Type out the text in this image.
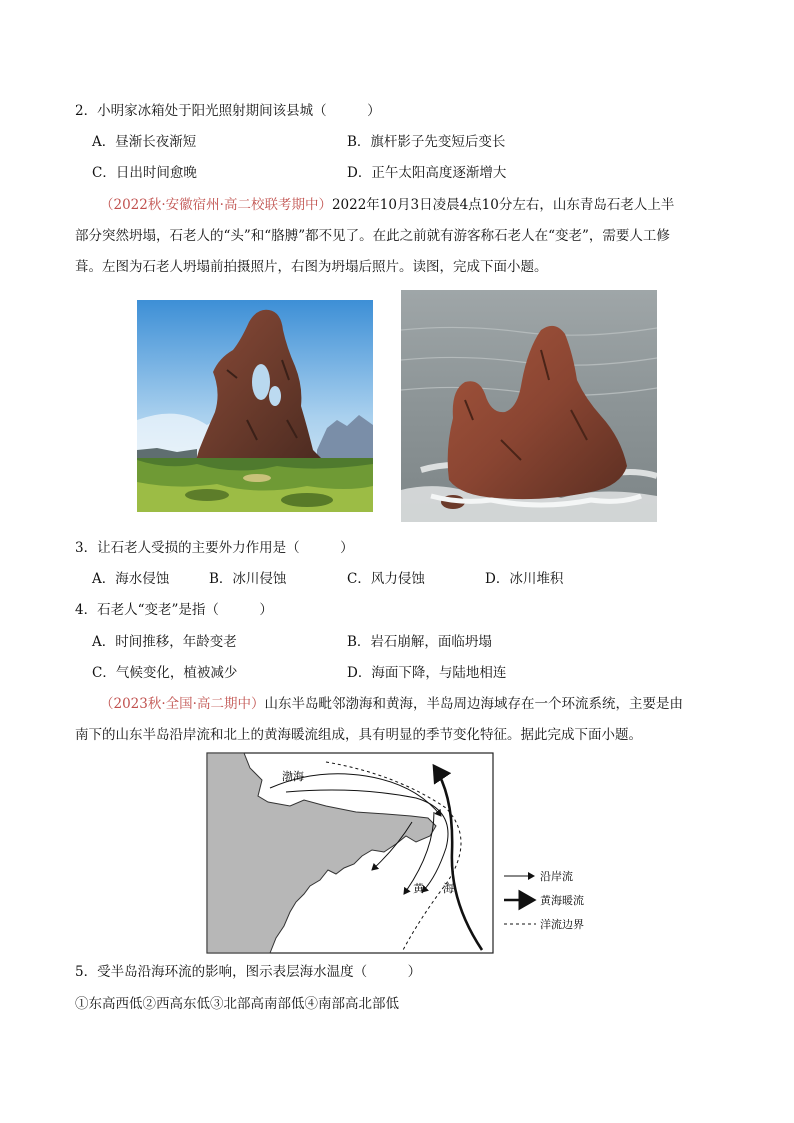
2．小明家冰箱处于阳光照射期间该县城（　　　）
A．昼渐长夜渐短	B．旗杆影子先变短后变长
C．日出时间愈晚	D．正午太阳高度逐渐增大
（2022秋·安徽宿州·高二校联考期中）2022年10月3日凌晨4点10分左右，山东青岛石老人上半
部分突然坍塌，石老人的“头”和“胳膊”都不见了。在此之前就有游客称石老人在“变老”，需要人工修
葺。左图为石老人坍塌前拍摄照片，右图为坍塌后照片。读图，完成下面小题。
3．让石老人受损的主要外力作用是（　　　）
A．海水侵蚀	B．冰川侵蚀	C．风力侵蚀	D．冰川堆积
4．石老人“变老”是指（　　　）
A．时间推移，年龄变老	B．岩石崩解，面临坍塌
C．气候变化，植被减少	D．海面下降，与陆地相连
（2023秋·全国·高二期中）山东半岛毗邻渤海和黄海，半岛周边海域存在一个环流系统，主要是由
南下的山东半岛沿岸流和北上的黄海暖流组成，具有明显的季节变化特征。据此完成下面小题。
渤海
黄 海
沿岸流
黄海暖流
洋流边界
5．受半岛沿海环流的影响，图示表层海水温度（　　　）
①东高西低②西高东低③北部高南部低④南部高北部低
